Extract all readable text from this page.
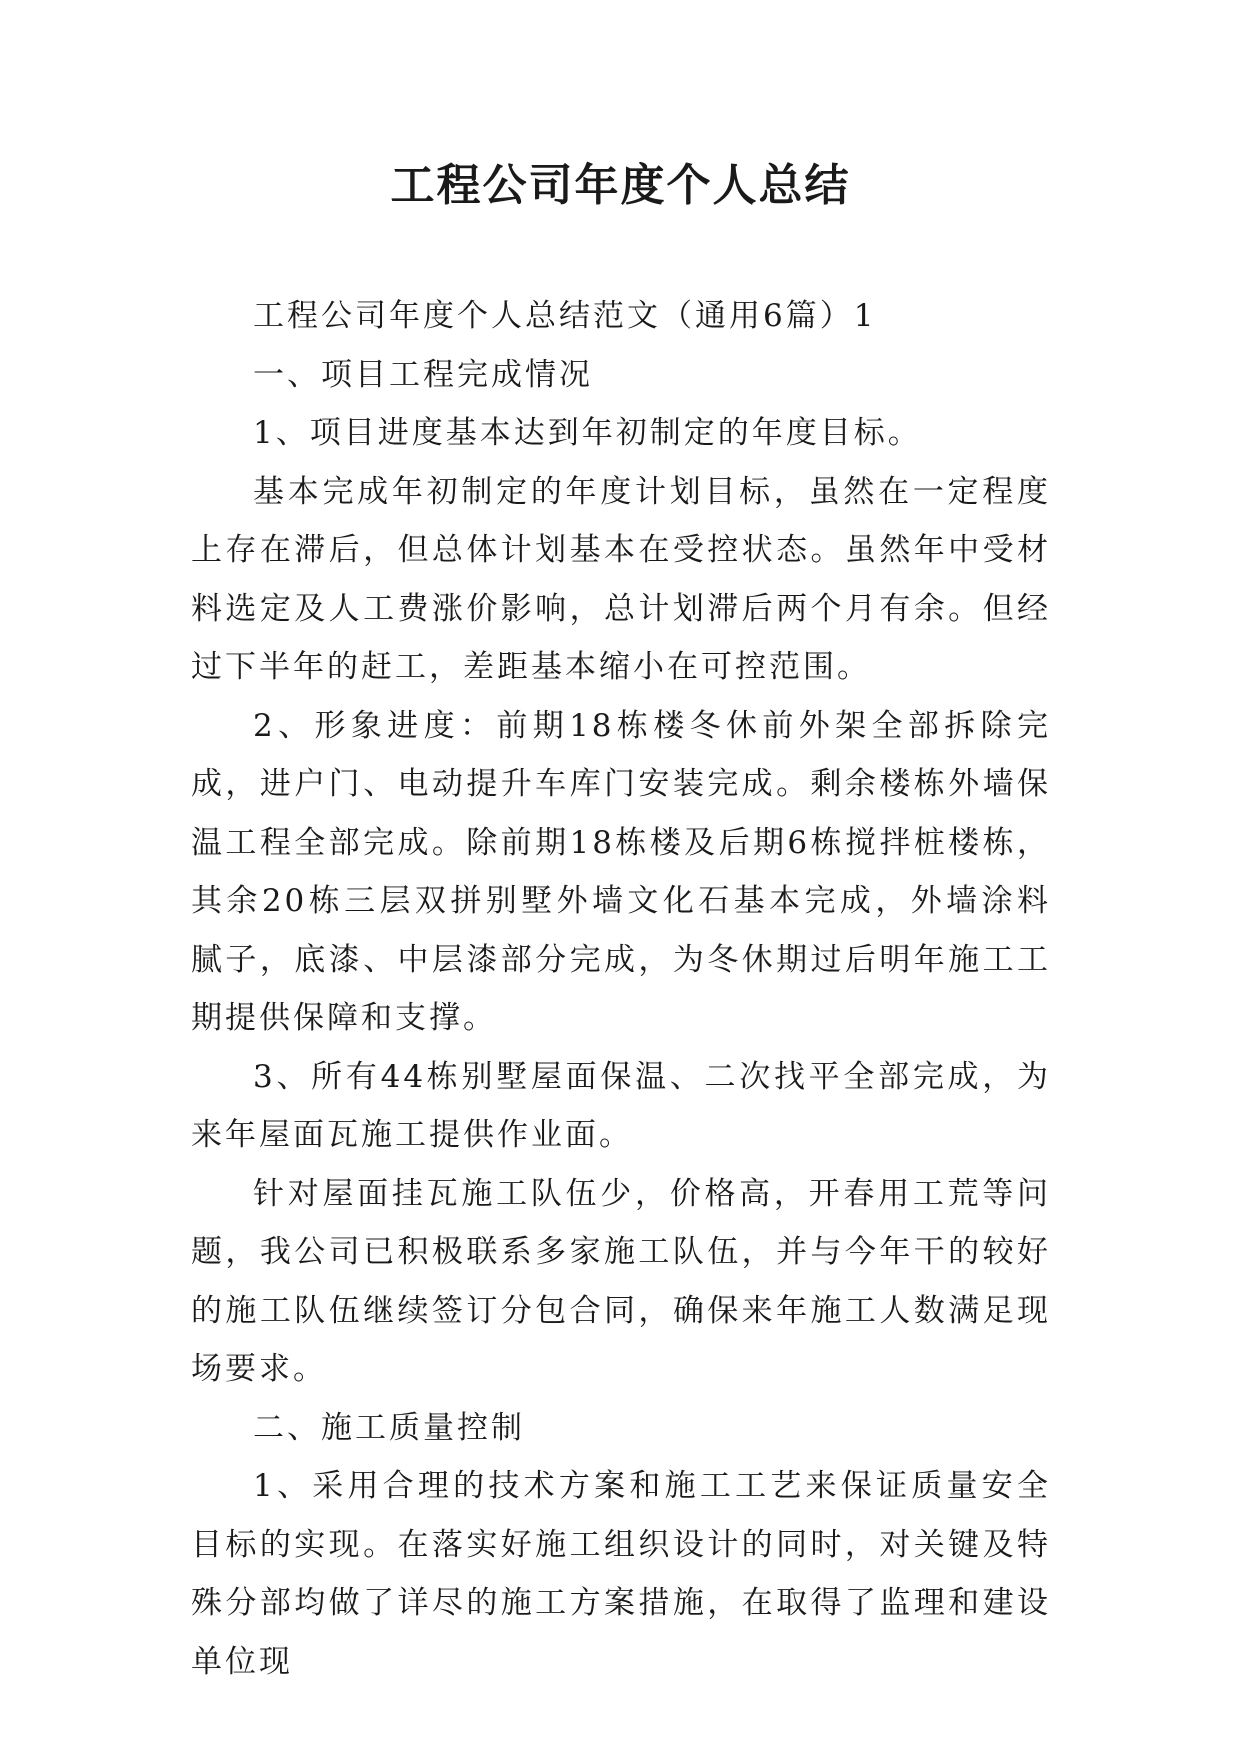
工程公司年度个人总结

工程公司年度个人总结范文（通用6篇）1

一、项目工程完成情况

1、项目进度基本达到年初制定的年度目标。

基本完成年初制定的年度计划目标，虽然在一定程度上存在滞后，但总体计划基本在受控状态。虽然年中受材料选定及人工费涨价影响，总计划滞后两个月有余。但经过下半年的赶工，差距基本缩小在可控范围。

2、形象进度：前期18栋楼冬休前外架全部拆除完成，进户门、电动提升车库门安装完成。剩余楼栋外墙保温工程全部完成。除前期18栋楼及后期6栋搅拌桩楼栋，其余20栋三层双拼别墅外墙文化石基本完成，外墙涂料腻子，底漆、中层漆部分完成，为冬休期过后明年施工工期提供保障和支撑。

3、所有44栋别墅屋面保温、二次找平全部完成，为来年屋面瓦施工提供作业面。

针对屋面挂瓦施工队伍少，价格高，开春用工荒等问题，我公司已积极联系多家施工队伍，并与今年干的较好的施工队伍继续签订分包合同，确保来年施工人数满足现场要求。

二、施工质量控制

1、采用合理的技术方案和施工工艺来保证质量安全目标的实现。在落实好施工组织设计的同时，对关键及特殊分部均做了详尽的施工方案措施，在取得了监理和建设单位现
